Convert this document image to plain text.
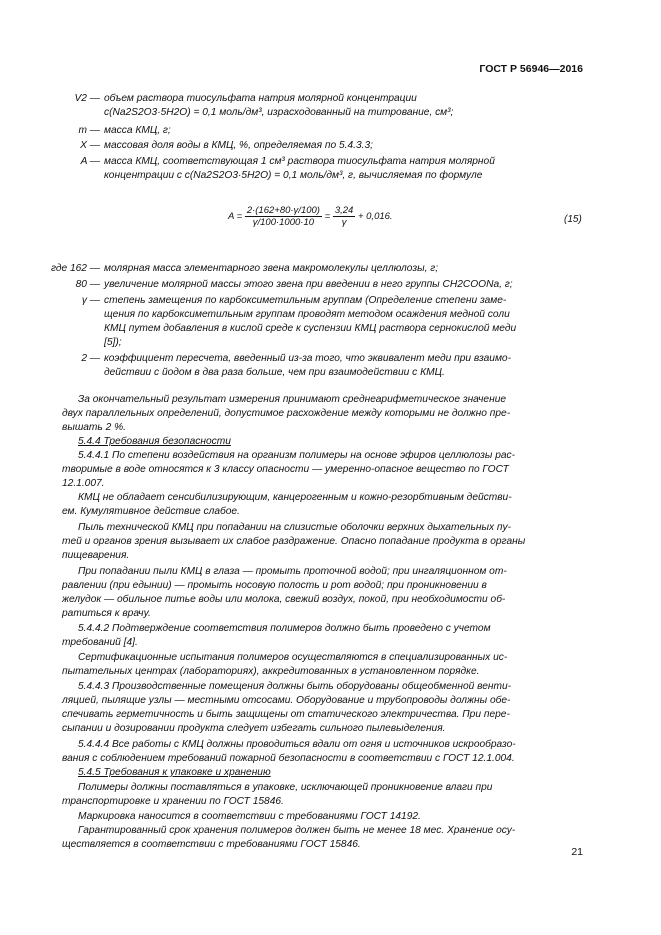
ГОСТ Р 56946—2016
V2 — объем раствора тиосульфата натрия молярной концентрации
c(Na2S2O3·5H2O) = 0,1 моль/дм³, израсходованный на титрование, см³;
m — масса КМЦ, г;
X — массовая доля воды в КМЦ, %, определяемая по 5.4.3.3;
A — масса КМЦ, соответствующая 1 см³ раствора тиосульфата натрия молярной
концентрации с c(Na2S2O3·5H2O) = 0,1 моль/дм³, г, вычисляемая по формуле
$A = \frac{2\cdot(162+80\cdot\gamma/100)}{\gamma/100\cdot 1000\cdot 10} = \frac{3,24}{\gamma} + 0,016$.	(15)
где 162 — молярная масса элементарного звена макромолекулы целлюлозы, г;
80 — увеличение молярной массы этого звена при введении в него группы CH2COONa, г;
γ — степень замещения по карбоксиметильным группам (Определение степени заме-
щения по карбоксиметильным группам проводят методом осаждения медной соли
КМЦ путем добавления в кислой среде к суспензии КМЦ раствора сернокислой меди
[5]);
2 — коэффициент пересчета, введенный из-за того, что эквивалент меди при взаимо-
действии с йодом в два раза больше, чем при взаимодействии с КМЦ.
За окончательный результат измерения принимают среднеарифметическое значение
двух параллельных определений, допустимое расхождение между которыми не должно пре-
вышать 2 %.
5.4.4 Требования безопасности
5.4.4.1 По степени воздействия на организм полимеры на основе эфиров целлюлозы рас-
творимые в воде относятся к 3 классу опасности — умеренно-опасное вещество по ГОСТ
12.1.007.
КМЦ не обладает сенсибилизирующим, канцерогенным и кожно-резорбтивным действи-
ем. Кумулятивное действие слабое.
Пыль технической КМЦ при попадании на слизистые оболочки верхних дыхательных пу-
тей и органов зрения вызывает их слабое раздражение. Опасно попадание продукта в органы
пищеварения.
При попадании пыли КМЦ в глаза — промыть проточной водой; при ингаляционном от-
равлении (при едынии) — промыть носовую полость и рот водой; при проникновении в
желудок — обильное питье воды или молока, свежий воздух, покой, при необходимости об-
ратиться к врачу.
5.4.4.2 Подтверждение соответствия полимеров должно быть проведено с учетом
требований [4].
Сертификационные испытания полимеров осуществляются в специализированных ис-
пытательных центрах (лабораториях), аккредитованных в установленном порядке.
5.4.4.3 Производственные помещения должны быть оборудованы общеобменной венти-
ляцией, пылящие узлы — местными отсосами. Оборудование и трубопроводы должны обе-
спечивать герметичность и быть защищены от статического электричества. При пере-
сыпании и дозировании продукта следует избегать сильного пылевыделения.
5.4.4.4 Все работы с КМЦ должны проводиться вдали от огня и источников искрообразо-
вания с соблюдением требований пожарной безопасности в соответствии с ГОСТ 12.1.004.
5.4.5 Требования к упаковке и хранению
Полимеры должны поставляться в упаковке, исключающей проникновение влаги при
транспортировке и хранении по ГОСТ 15846.
Маркировка наносится в соответствии с требованиями ГОСТ 14192.
Гарантированный срок хранения полимеров должен быть не менее 18 мес. Хранение осу-
ществляется в соответствии с требованиями ГОСТ 15846.
21
